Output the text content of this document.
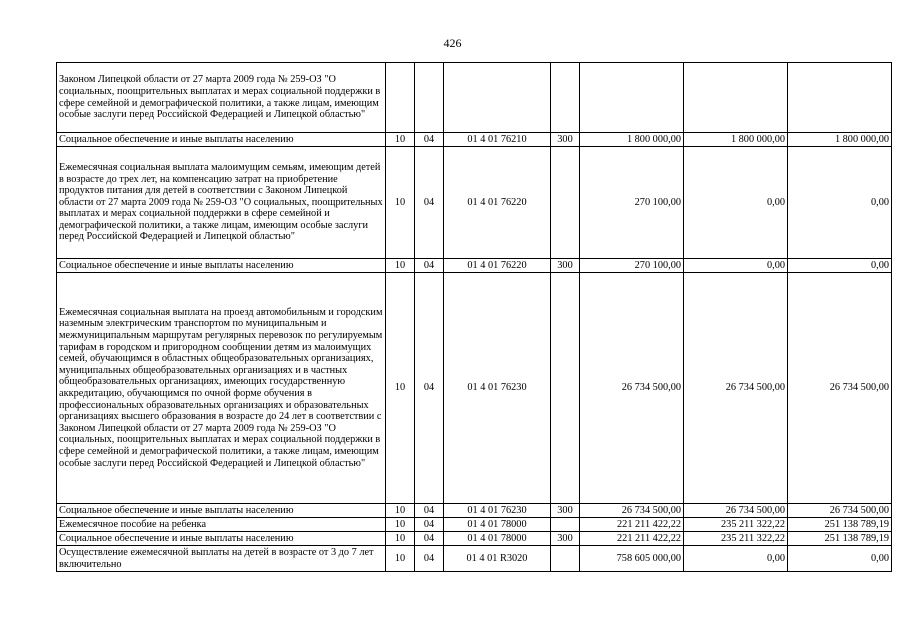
426
Законом Липецкой области от 27 марта 2009 года № 259-ОЗ "О социальных, поощрительных выплатах и мерах социальной поддержки в сфере семейной и демографической политики, а также лицам, имеющим особые заслуги перед Российской Федерацией и Липецкой областью"							
Социальное обеспечение и иные выплаты населению	10	04	01 4 01 76210	300	1 800 000,00	1 800 000,00	1 800 000,00
Ежемесячная социальная выплата малоимущим семьям, имеющим детей в возрасте до трех лет, на компенсацию затрат на приобретение продуктов питания для детей в соответствии с Законом Липецкой области от 27 марта 2009 года № 259-ОЗ "О социальных, поощрительных выплатах и мерах социальной поддержки в сфере семейной и демографической политики, а также лицам, имеющим особые заслуги перед Российской Федерацией и Липецкой областью"	10	04	01 4 01 76220		270 100,00	0,00	0,00
Социальное обеспечение и иные выплаты населению	10	04	01 4 01 76220	300	270 100,00	0,00	0,00
Ежемесячная социальная выплата на проезд автомобильным и городским наземным электрическим транспортом по муниципальным и межмуниципальным маршрутам регулярных перевозок по регулируемым тарифам в городском и пригородном сообщении детям из малоимущих семей, обучающимся в областных общеобразовательных организациях, муниципальных общеобразовательных организациях и в частных общеобразовательных организациях, имеющих государственную аккредитацию, обучающимся по очной форме обучения в профессиональных образовательных организациях и образовательных организациях высшего образования в возрасте до 24 лет в соответствии с Законом Липецкой области от 27 марта 2009 года № 259-ОЗ "О социальных, поощрительных выплатах и мерах социальной поддержки в сфере семейной и демографической политики, а также лицам, имеющим особые заслуги перед Российской Федерацией и Липецкой областью"	10	04	01 4 01 76230		26 734 500,00	26 734 500,00	26 734 500,00
Социальное обеспечение и иные выплаты населению	10	04	01 4 01 76230	300	26 734 500,00	26 734 500,00	26 734 500,00
Ежемесячное пособие на ребенка	10	04	01 4 01 78000		221 211 422,22	235 211 322,22	251 138 789,19
Социальное обеспечение и иные выплаты населению	10	04	01 4 01 78000	300	221 211 422,22	235 211 322,22	251 138 789,19
Осуществление ежемесячной выплаты на детей в возрасте от 3 до 7 лет включительно	10	04	01 4 01 R3020		758 605 000,00	0,00	0,00
